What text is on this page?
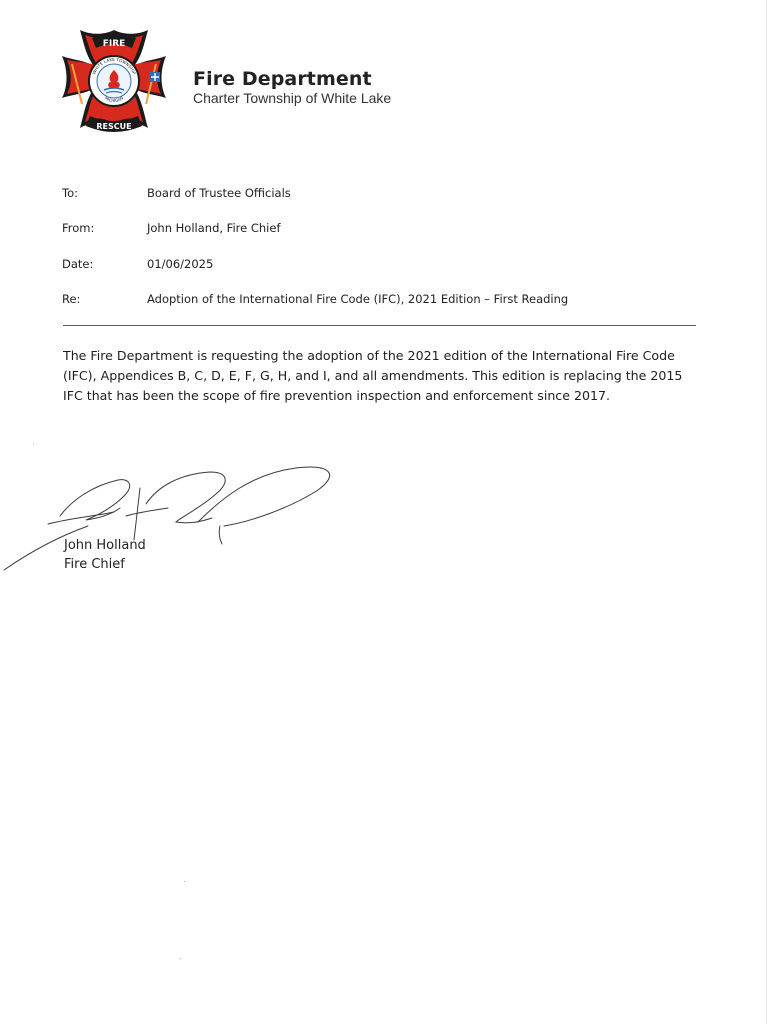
FIRE
RESCUE
WHITE LAKE TOWNSHIP
MICHIGAN
Fire Department
Charter Township of White Lake
To:	Board of Trustee Officials
From:	John Holland, Fire Chief
Date:	01/06/2025
Re:	Adoption of the International Fire Code (IFC), 2021 Edition – First Reading

The Fire Department is requesting the adoption of the 2021 edition of the International Fire Code (IFC), Appendices B, C, D, E, F, G, H, and I, and all amendments. This edition is replacing the 2015 IFC that has been the scope of fire prevention inspection and enforcement since 2017.

John Holland
Fire Chief
